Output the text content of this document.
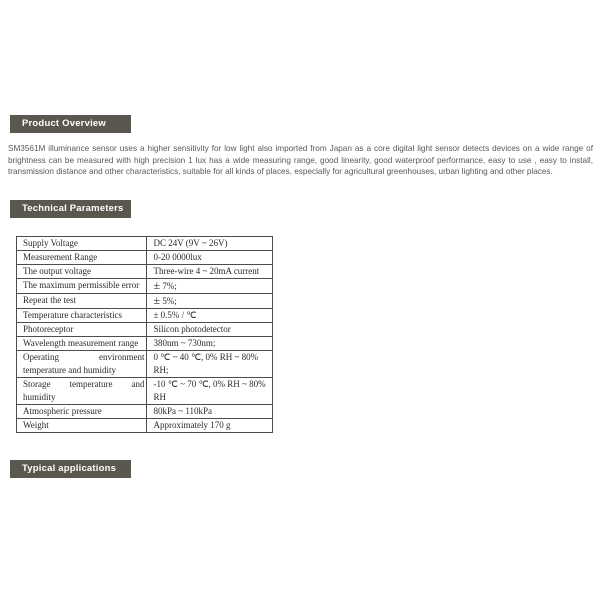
Product Overview

SM3561M illuminance sensor uses a higher sensitivity for low light also imported from Japan as a core digital light sensor detects devices on a wide range of brightness can be measured with high precision 1 lux has a wide measuring range, good linearity, good waterproof performance, easy to use , easy to install, transmission distance and other characteristics, suitable for all kinds of places, especially for agricultural greenhouses, urban lighting and other places.

Technical Parameters
Supply Voltage	DC 24V (9V ~ 26V)
Measurement Range	0-20 0000lux
The output voltage	Three-wire 4 ~ 20mA current
The maximum permissible error	± 7%;
Repeat the test	± 5%;
Temperature characteristics	± 0.5% / ℃
Photoreceptor	Silicon photodetector
Wavelength measurement range	380nm ~ 730nm;
Operating environment temperature and humidity	0 ℃ ~ 40 ℃, 0% RH ~ 80% RH;
Storage temperature and humidity	-10 ℃ ~ 70 ℃, 0% RH ~ 80% RH
Atmospheric pressure	80kPa ~ 110kPa
Weight	Approximately 170 g
Typical applications
